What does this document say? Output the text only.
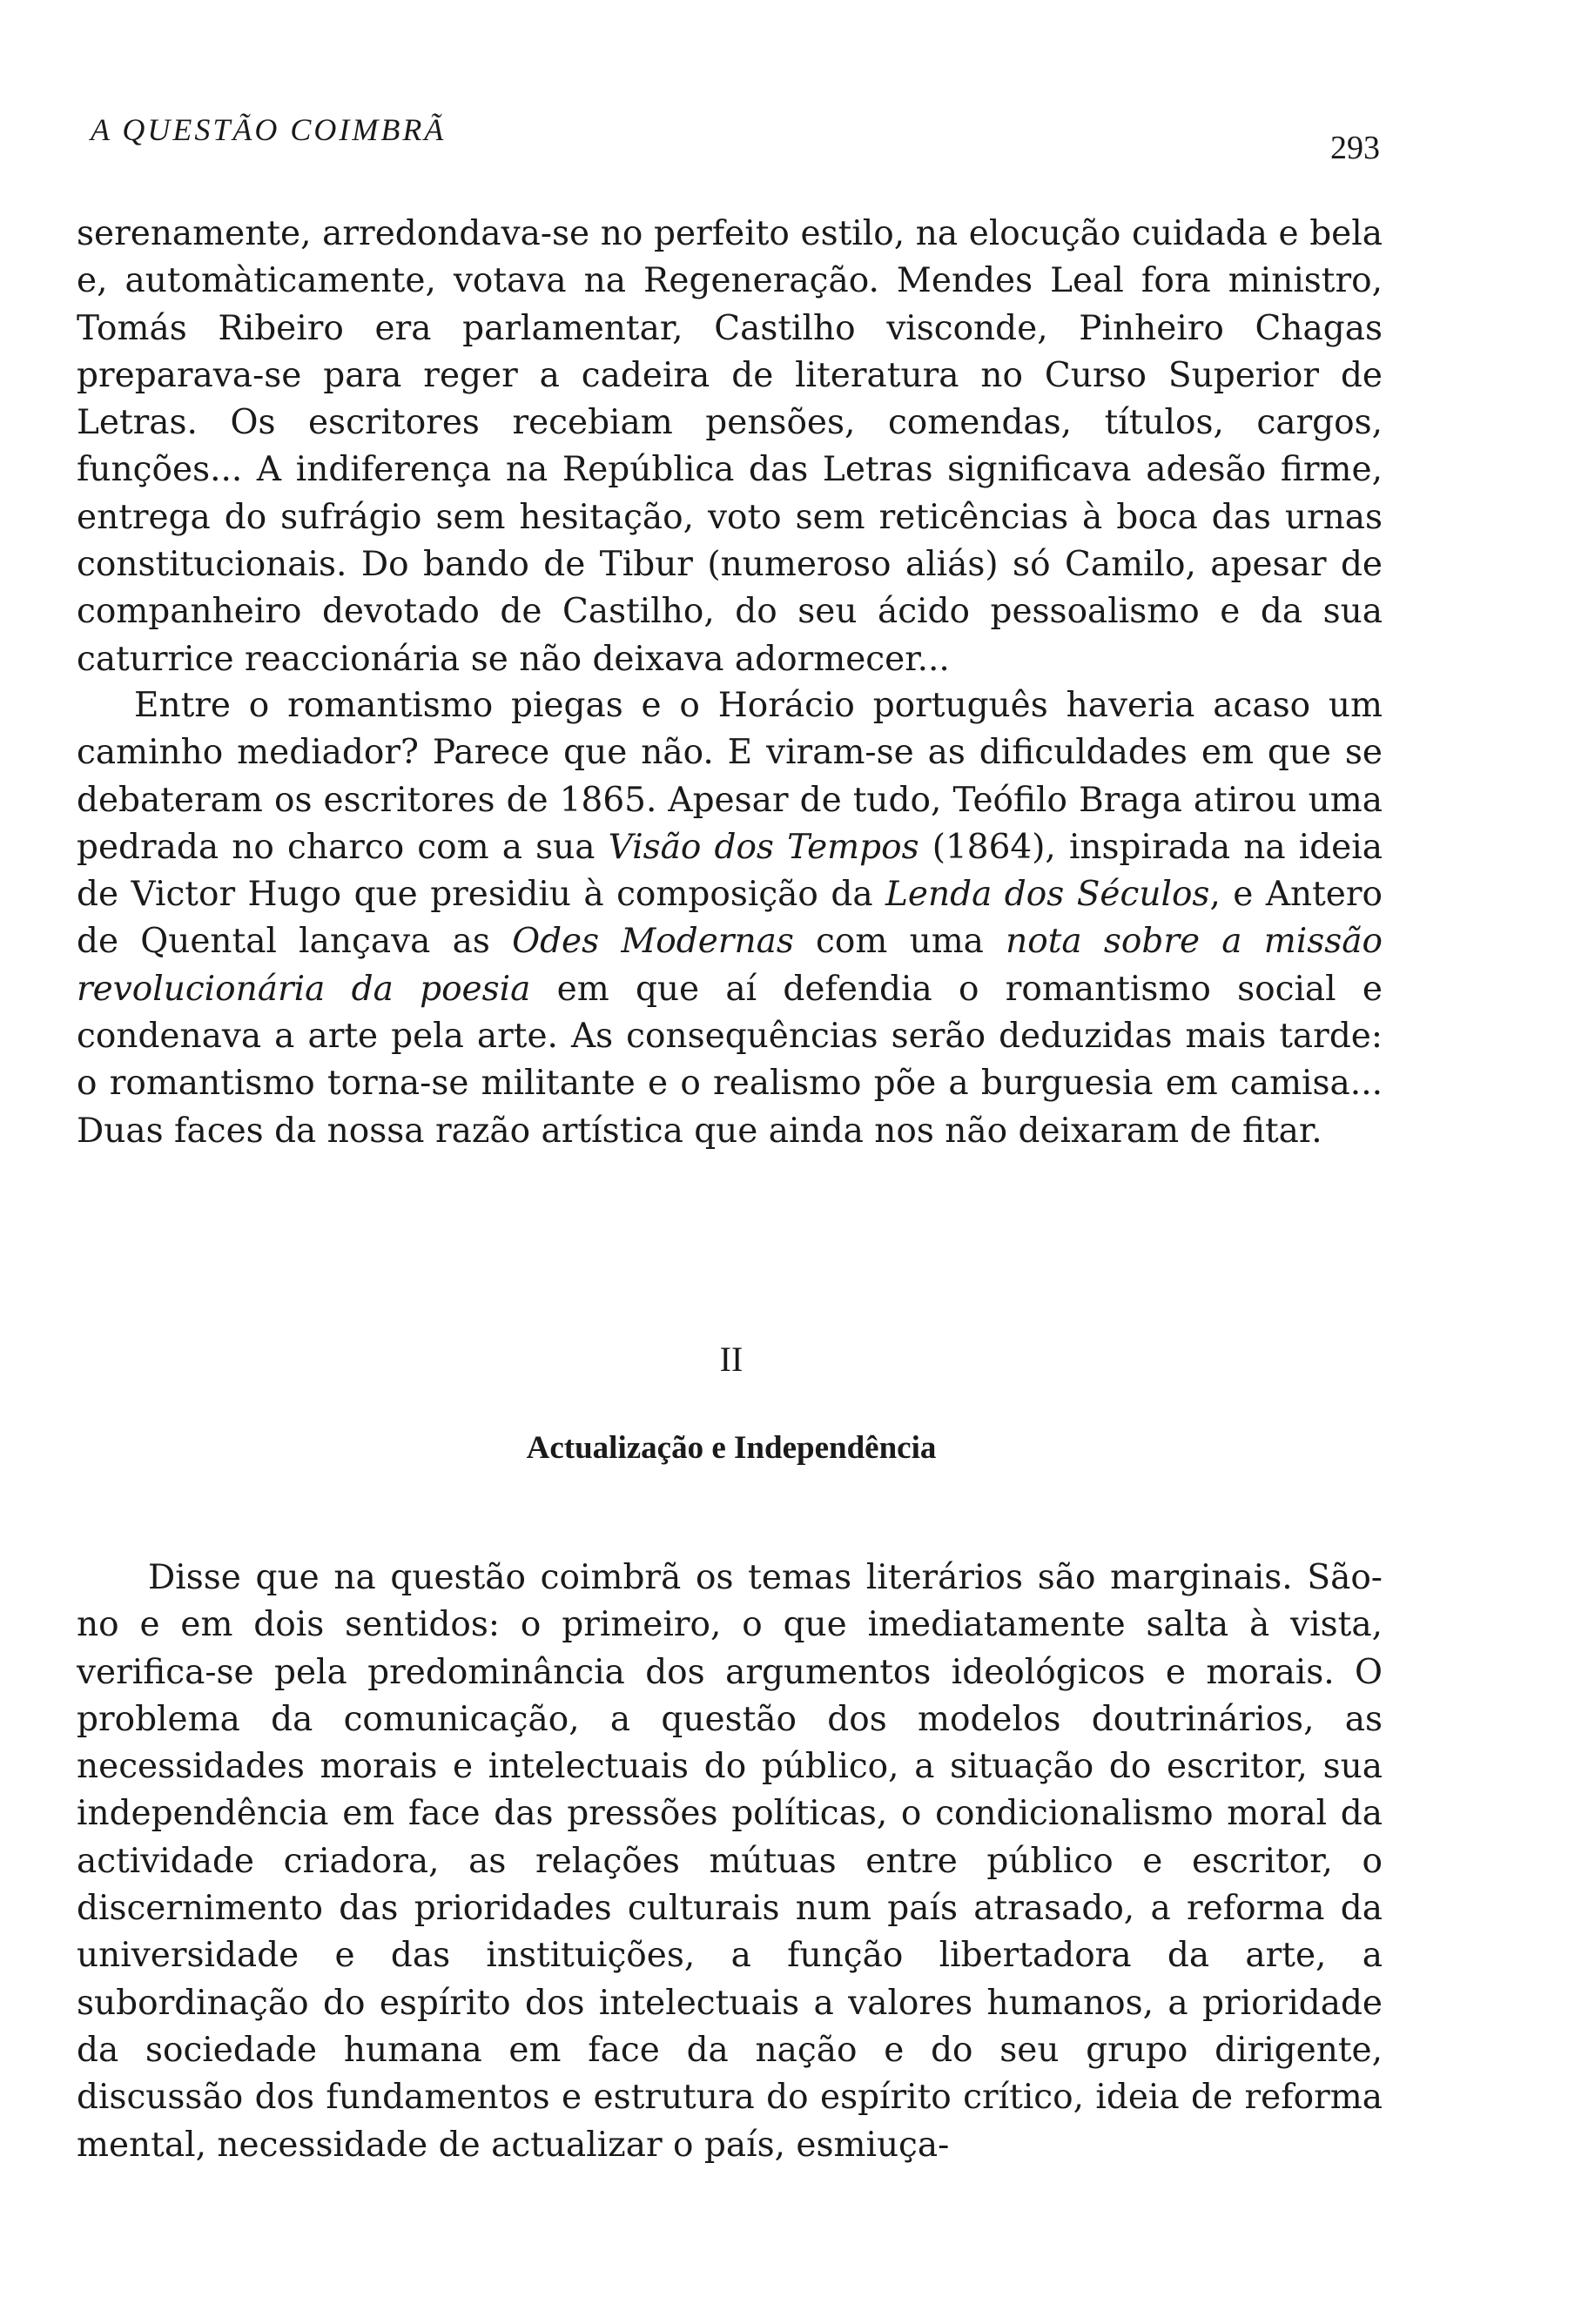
A QUESTÃO COIMBRÃ	293

serenamente, arredondava-se no perfeito estilo, na elocução cuidada e bela e, automàticamente, votava na Regeneração. Mendes Leal fora ministro, Tomás Ribeiro era parlamentar, Castilho visconde, Pinheiro Chagas preparava-se para reger a cadeira de literatura no Curso Superior de Letras. Os escritores recebiam pensões, comendas, títulos, cargos, funções... A indiferença na República das Letras significava adesão firme, entrega do sufrágio sem hesitação, voto sem reticências à boca das urnas constitucionais. Do bando de Tibur (numeroso aliás) só Camilo, apesar de companheiro devotado de Castilho, do seu ácido pessoalismo e da sua caturrice reaccionária se não deixava adormecer...

Entre o romantismo piegas e o Horácio português haveria acaso um caminho mediador? Parece que não. E viram-se as dificuldades em que se debateram os escritores de 1865. Apesar de tudo, Teófilo Braga atirou uma pedrada no charco com a sua Visão dos Tempos (1864), inspirada na ideia de Victor Hugo que presidiu à composição da Lenda dos Séculos, e Antero de Quental lançava as Odes Modernas com uma nota sobre a missão revolucionária da poesia em que aí defendia o romantismo social e condenava a arte pela arte. As consequências serão deduzidas mais tarde: o romantismo torna-se militante e o realismo põe a burguesia em camisa... Duas faces da nossa razão artística que ainda nos não deixaram de fitar.

II
Actualização e Independência

Disse que na questão coimbrã os temas literários são marginais. São-no e em dois sentidos: o primeiro, o que imediatamente salta à vista, verifica-se pela predominância dos argumentos ideológicos e morais. O problema da comunicação, a questão dos modelos doutrinários, as necessidades morais e intelectuais do público, a situação do escritor, sua independência em face das pressões políticas, o condicionalismo moral da actividade criadora, as relações mútuas entre público e escritor, o discernimento das prioridades culturais num país atrasado, a reforma da universidade e das instituições, a função libertadora da arte, a subordinação do espírito dos intelectuais a valores humanos, a prioridade da sociedade humana em face da nação e do seu grupo dirigente, discussão dos fundamentos e estrutura do espírito crítico, ideia de reforma mental, necessidade de actualizar o país, esmiuça-
